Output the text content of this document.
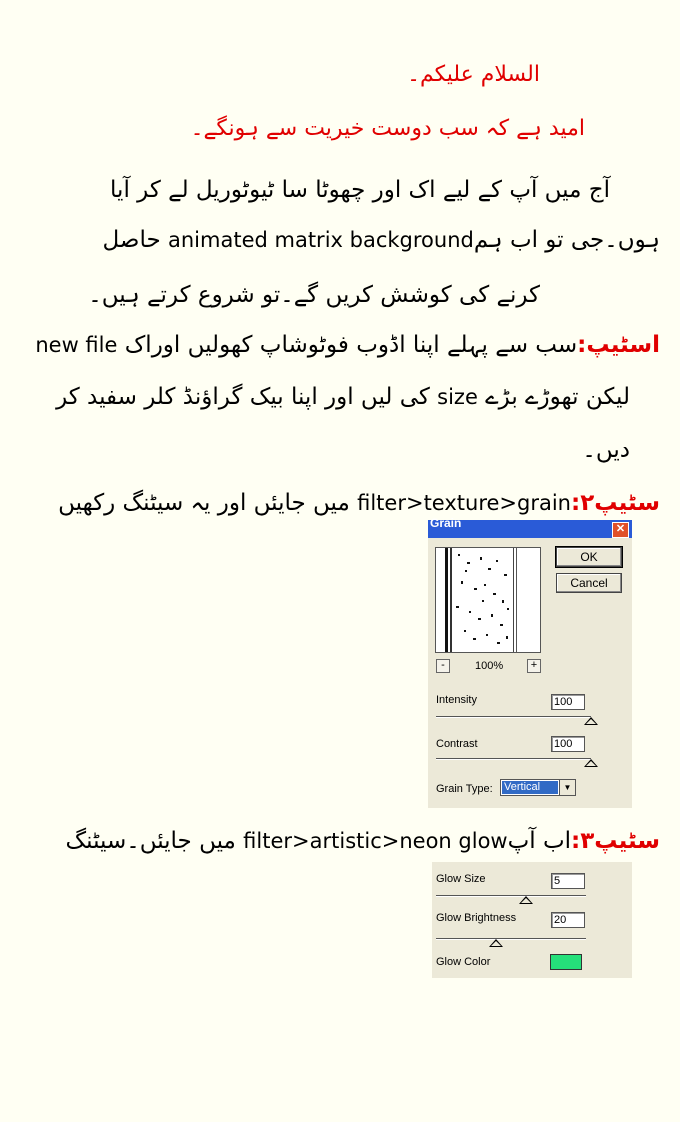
السلام علیکم۔
امید ہے کہ سب دوست خیریت سے ہونگے۔
آج میں آپ کے لیے اک اور چھوٹا سا ٹیوٹوریل لے کر آیا
ہوں۔جی تو اب ہمanimated matrix background حاصل
کرنے کی کوشش کریں گے۔تو شروع کرتے ہیں۔
اسٹیپ:سب سے پہلے اپنا اڈوب فوٹوشاپ کھولیں اوراک new file
لیکن تھوڑے بڑے size کی لیں اور اپنا بیک گراؤنڈ کلر سفید کر
دیں۔
سٹیپ۲:filter>texture>grain میں جایئں اور یہ سیٹنگ رکھیں
Grain	✕
OK
Cancel
-	100%	+
Intensity	100
Contrast	100
Grain Type: Vertical	▼
سٹیپ۳:اب آپfilter>artistic>neon glow میں جایئں۔سیٹنگ
Glow Size	5
Glow Brightness	20
Glow Color
